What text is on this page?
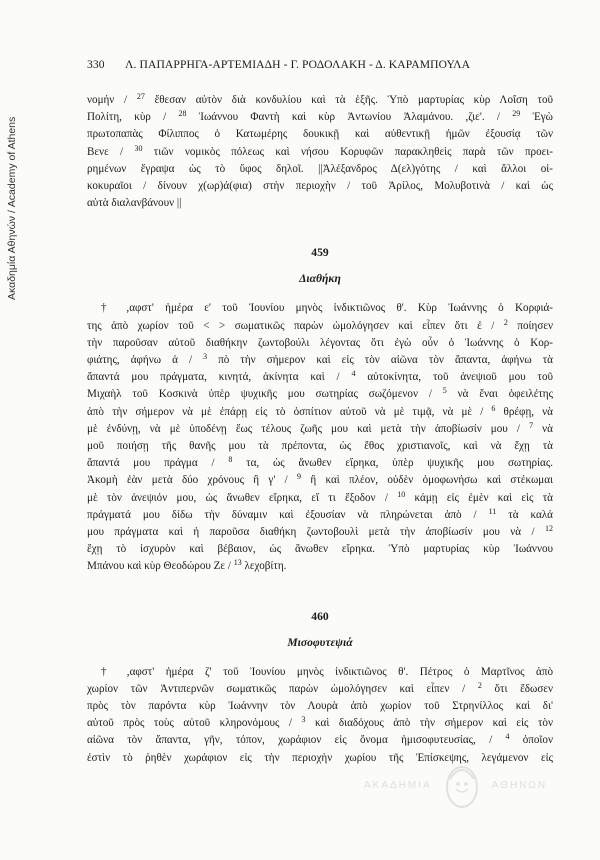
Ακαδημία Αθηνών / Academy of Athens
330	Λ. ΠΑΠΑΡΡΗΓΑ-ΑΡΤΕΜΙΑΔΗ - Γ. ΡΟΔΟΛΑΚΗ - Δ. ΚΑΡΑΜΠΟΥΛΑ
νομήν / $^{27}$ ἔθεσαν αὐτὸν διὰ κονδυλίου καὶ τὰ ἑξῆς. Ὑπὸ μαρτυρίας κὺρ Λοΐση τοῦ
Πολίτη, κὺρ / $^{28}$ Ἰωάννου Φαντὴ καὶ κὺρ Ἀντωνίου Ἀλαμάνου. ,ζιε'. / $^{29}$ Ἐγὼ
πρωτοπαπὰς Φίλιππος ὁ Κατωμέρης δουκικῇ καὶ αὐθεντικῇ ἡμῶν ἐξουσίᾳ τῶν
Βενε / $^{30}$ τιῶν νομικὸς πόλεως καὶ νήσου Κορυφῶν παρακληθεὶς παρὰ τῶν προει-
ρημένων ἔγραψα ὡς τὸ ὕφος δηλοῖ. ||Ἀλέξανδρος Δ(ελ)γότης / καὶ ἄλλοι οἰ-
κοκυραῖοι / δίνουν χ(ωρ)ά(φια) στὴν περιοχὴν / τοῦ Ἀρίλος, Μολυβοτινὰ / καὶ ὡς
αὐτὰ διαλανβάνουν ||
459
Διαθήκη
† ,αφστ' ἡμέρα ε' τοῦ Ἰουνίου μηνὸς ἰνδικτιῶνος θ'. Κὺρ Ἰωάννης ὁ Κορφιά-
της ἀπὸ χωρίον τοῦ < > σωματικῶς παρὼν ὡμολόγησεν καὶ εἶπεν ὅτι ἐ / $^2$ ποίησεν
τὴν παροῦσαν αὐτοῦ διαθήκην ζωντοβούλι λέγοντας ὅτι ἐγὼ οὖν ὁ Ἰωάννης ὁ Κορ-
φιάτης, ἀφήνω ἀ / $^3$ πὸ τὴν σήμερον καὶ εἰς τὸν αἰῶνα τὸν ἅπαντα, ἀφήνω τὰ
ἅπαντά μου πράγματα, κινητά, ἀκίνητα καὶ / $^4$ αὐτοκίνητα, τοῦ ἀνεψιοῦ μου τοῦ
Μιχαὴλ τοῦ Κοσκινὰ ὑπὲρ ψυχικῆς μου σωτηρίας σωζόμενον / $^5$ νὰ ἔναι ὀφειλέτης
ἀπὸ τὴν σήμερον νὰ μὲ ἐπάρῃ εἰς τὸ ὁσπίτιον αὐτοῦ νὰ μὲ τιμᾷ, νὰ μὲ / $^6$ θρέφῃ, νὰ
μὲ ἐνδύνῃ, νὰ μὲ ὑποδένῃ ἕως τέλους ζωῆς μου καὶ μετὰ τὴν ἀποβίωσίν μου / $^7$ νὰ
μοῦ ποιήσῃ τῆς θανῆς μου τὰ πρέποντα, ὡς ἔθος χριστιανοῖς, καὶ νὰ ἔχῃ τὰ
ἅπαντά μου πράγμα / $^8$ τα, ὡς ἄνωθεν εἴρηκα, ὑπὲρ ψυχικῆς μου σωτηρίας.
Ἀκομὴ ἐὰν μετὰ δύο χρόνους ἢ γ' / $^9$ ἢ καὶ πλέον, οὐδὲν ὁμοφωνήσω καὶ στέκωμαι
μὲ τὸν ἀνεψιόν μου, ὡς ἄνωθεν εἴρηκα, εἴ τι ἔξοδον / $^{10}$ κάμῃ εἰς ἐμὲν καὶ εἰς τὰ
πράγματά μου δίδω τὴν δύναμιν καὶ ἐξουσίαν νὰ πληρώνεται ἀπὸ / $^{11}$ τὰ καλά
μου πράγματα καὶ ἡ παροῦσα διαθήκη ζωντοβουλὶ μετὰ τὴν ἀποβίωσίν μου νὰ / $^{12}$
ἔχῃ τὸ ἰσχυρὸν καὶ βέβαιον, ὡς ἄνωθεν εἴρηκα. Ὑπὸ μαρτυρίας κὺρ Ἰωάννου
Μπάνου καὶ κὺρ Θεοδώρου Ζε / $^{13}$ λεχοβίτη.
460
Μισοφυτεψιά
† ,αφστ' ἡμέρα ζ' τοῦ Ἰουνίου μηνὸς ἰνδικτιῶνος θ'. Πέτρος ὁ Μαρτῖνος ἀπὸ
χωρίον τῶν Ἀντιπερνῶν σωματικῶς παρὼν ὡμολόγησεν καὶ εἶπεν / $^2$ ὅτι ἔδωσεν
πρὸς τὸν παρόντα κὺρ Ἰωάννην τὸν Λουρὰ ἀπὸ χωρίον τοῦ Στρηνίλλος καὶ δι'
αὐτοῦ πρὸς τοὺς αὐτοῦ κληρονόμους / $^3$ καὶ διαδόχους ἀπὸ τὴν σήμερον καὶ εἰς τὸν
αἰῶνα τὸν ἅπαντα, γῆν, τόπον, χωράφιον εἰς ὄνομα ἡμισοφυτευσίας, / $^4$ ὁποῖον
ἐστὶν τὸ ῥηθὲν χωράφιον εἰς τὴν περιοχὴν χωρίου τῆς Ἐπίσκεψης, λεγάμενον εἰς
ΑΚΑΔΗΜΙΑ	ΑΘΗΝΩΝ
